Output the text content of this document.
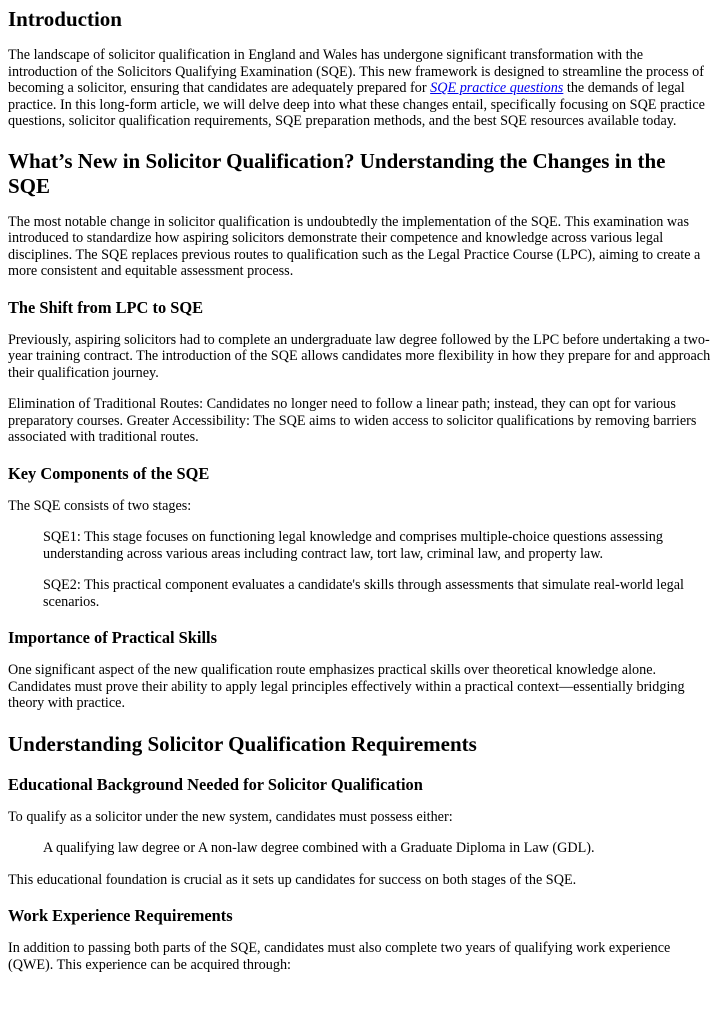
Introduction

The landscape of solicitor qualification in England and Wales has undergone significant transformation with the introduction of the Solicitors Qualifying Examination (SQE). This new framework is designed to streamline the process of becoming a solicitor, ensuring that candidates are adequately prepared for SQE practice questions the demands of legal practice. In this long-form article, we will delve deep into what these changes entail, specifically focusing on SQE practice questions, solicitor qualification requirements, SQE preparation methods, and the best SQE resources available today.

What’s New in Solicitor Qualification? Understanding the Changes in the SQE

The most notable change in solicitor qualification is undoubtedly the implementation of the SQE. This examination was introduced to standardize how aspiring solicitors demonstrate their competence and knowledge across various legal disciplines. The SQE replaces previous routes to qualification such as the Legal Practice Course (LPC), aiming to create a more consistent and equitable assessment process.

The Shift from LPC to SQE

Previously, aspiring solicitors had to complete an undergraduate law degree followed by the LPC before undertaking a two-year training contract. The introduction of the SQE allows candidates more flexibility in how they prepare for and approach their qualification journey.

Elimination of Traditional Routes: Candidates no longer need to follow a linear path; instead, they can opt for various preparatory courses. Greater Accessibility: The SQE aims to widen access to solicitor qualifications by removing barriers associated with traditional routes.

Key Components of the SQE

The SQE consists of two stages:

SQE1: This stage focuses on functioning legal knowledge and comprises multiple-choice questions assessing understanding across various areas including contract law, tort law, criminal law, and property law.

SQE2: This practical component evaluates a candidate's skills through assessments that simulate real-world legal scenarios.

Importance of Practical Skills

One significant aspect of the new qualification route emphasizes practical skills over theoretical knowledge alone. Candidates must prove their ability to apply legal principles effectively within a practical context—essentially bridging theory with practice.

Understanding Solicitor Qualification Requirements
Educational Background Needed for Solicitor Qualification

To qualify as a solicitor under the new system, candidates must possess either:

A qualifying law degree or A non-law degree combined with a Graduate Diploma in Law (GDL).

This educational foundation is crucial as it sets up candidates for success on both stages of the SQE.

Work Experience Requirements

In addition to passing both parts of the SQE, candidates must also complete two years of qualifying work experience (QWE). This experience can be acquired through:
